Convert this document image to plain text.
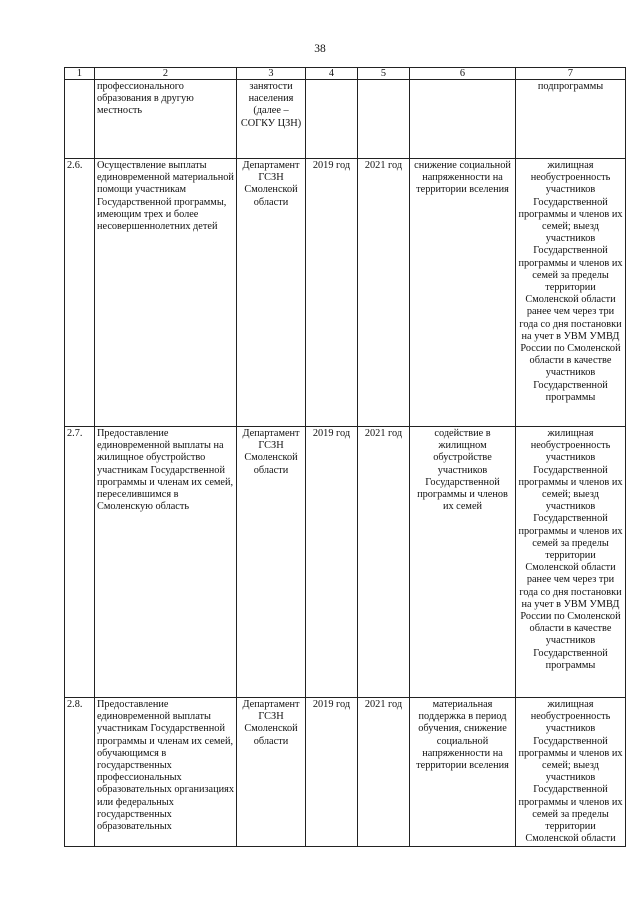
38
1	2	3	4	5	6	7
	профессионального образования в другую местность	занятости населения (далее – СОГКУ ЦЗН)				подпрограммы
2.6.	Осуществление выплаты единовременной материальной помощи участникам Государственной программы, имеющим трех и более несовершеннолетних детей	Департамент ГСЗН Смоленской области	2019 год	2021 год	снижение социальной напряженности на территории вселения	жилищная необустроенность участников Государственной программы и членов их семей; выезд участников Государственной программы и членов их семей за пределы территории Смоленской области ранее чем через три года со дня постановки на учет в УВМ УМВД России по Смоленской области в качестве участников Государственной программы
2.7.	Предоставление единовременной выплаты на жилищное обустройство участникам Государственной программы и членам их семей, переселившимся в Смоленскую область	Департамент ГСЗН Смоленской области	2019 год	2021 год	содействие в жилищном обустройстве участников Государственной программы и членов их семей	жилищная необустроенность участников Государственной программы и членов их семей; выезд участников Государственной программы и членов их семей за пределы территории Смоленской области ранее чем через три года со дня постановки на учет в УВМ УМВД России по Смоленской области в качестве участников Государственной программы
2.8.	Предоставление единовременной выплаты участникам Государственной программы и членам их семей, обучающимся в государственных профессиональных образовательных организациях или федеральных государственных образовательных	Департамент ГСЗН Смоленской области	2019 год	2021 год	материальная поддержка в период обучения, снижение социальной напряженности на территории вселения	жилищная необустроенность участников Государственной программы и членов их семей; выезд участников Государственной программы и членов их семей за пределы территории Смоленской области
